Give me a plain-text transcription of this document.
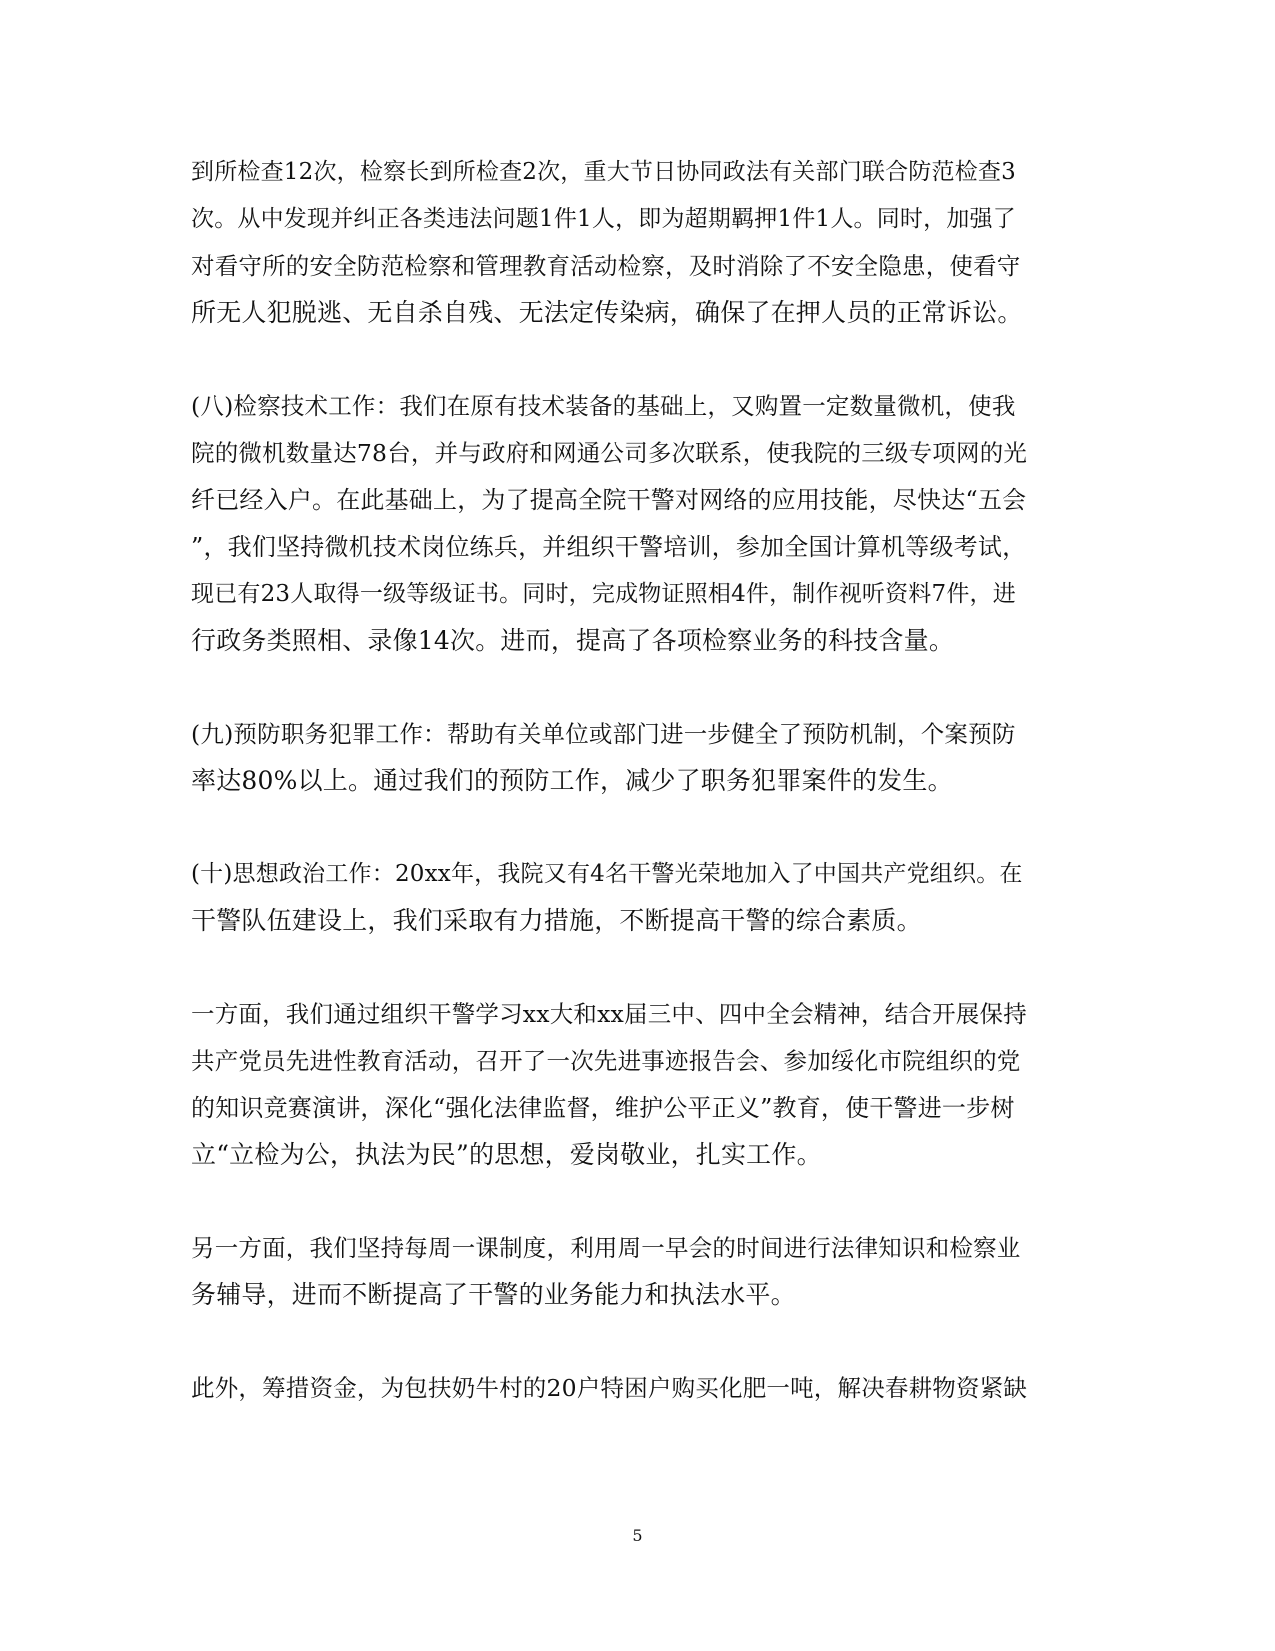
到所检查12次，检察长到所检查2次，重大节日协同政法有关部门联合防范检查3
次。从中发现并纠正各类违法问题1件1人，即为超期羁押1件1人。同时，加强了
对看守所的安全防范检察和管理教育活动检察，及时消除了不安全隐患，使看守
所无人犯脱逃、无自杀自残、无法定传染病，确保了在押人员的正常诉讼。
(八)检察技术工作：我们在原有技术装备的基础上，又购置一定数量微机，使我
院的微机数量达78台，并与政府和网通公司多次联系，使我院的三级专项网的光
纤已经入户。在此基础上，为了提高全院干警对网络的应用技能，尽快达“五会
”，我们坚持微机技术岗位练兵，并组织干警培训，参加全国计算机等级考试，
现已有23人取得一级等级证书。同时，完成物证照相4件，制作视听资料7件，进
行政务类照相、录像14次。进而，提高了各项检察业务的科技含量。
(九)预防职务犯罪工作：帮助有关单位或部门进一步健全了预防机制，个案预防
率达80%以上。通过我们的预防工作，减少了职务犯罪案件的发生。
(十)思想政治工作：20xx年，我院又有4名干警光荣地加入了中国共产党组织。在
干警队伍建设上，我们采取有力措施，不断提高干警的综合素质。
一方面，我们通过组织干警学习xx大和xx届三中、四中全会精神，结合开展保持
共产党员先进性教育活动，召开了一次先进事迹报告会、参加绥化市院组织的党
的知识竞赛演讲，深化“强化法律监督，维护公平正义”教育，使干警进一步树
立“立检为公，执法为民”的思想，爱岗敬业，扎实工作。
另一方面，我们坚持每周一课制度，利用周一早会的时间进行法律知识和检察业
务辅导，进而不断提高了干警的业务能力和执法水平。
此外，筹措资金，为包扶奶牛村的20户特困户购买化肥一吨，解决春耕物资紧缺
5
